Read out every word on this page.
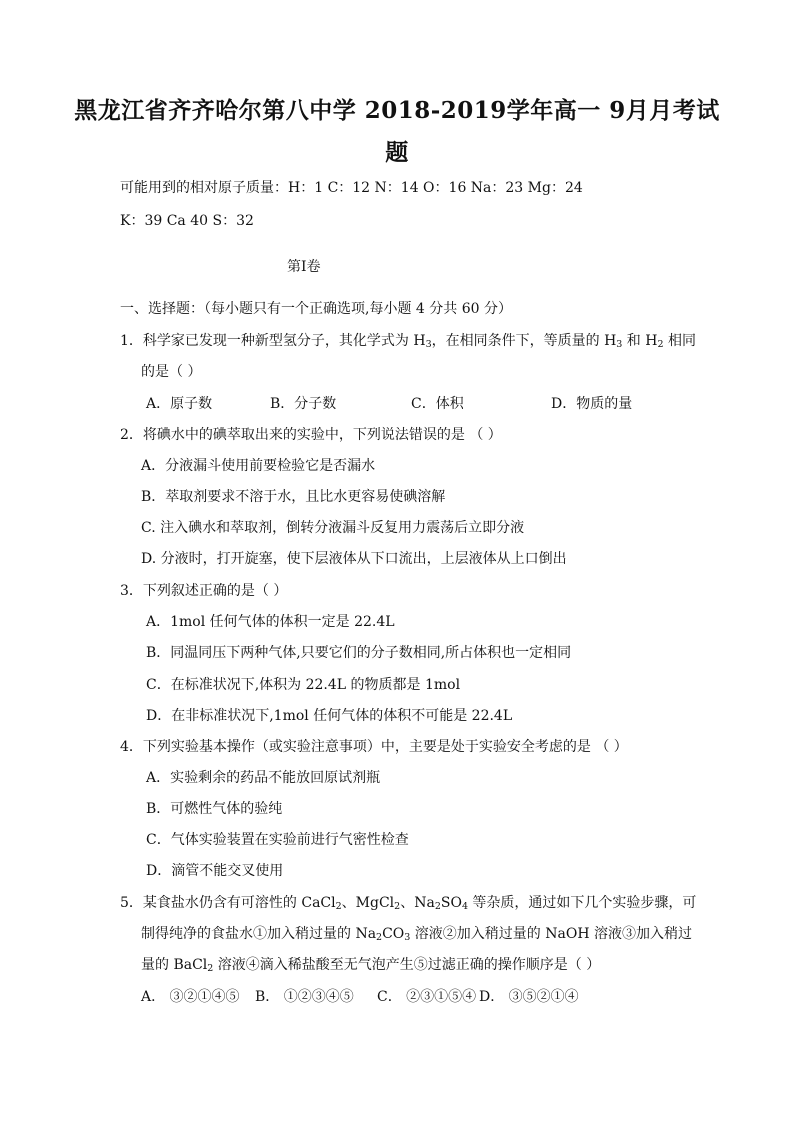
黑龙江省齐齐哈尔第八中学 2018-2019学年高一 9月月考试
题
可能用到的相对原子质量：H：1 C：12 N：14 O：16 Na：23 Mg：24
K：39 Ca 40 S：32
第Ⅰ卷
一、选择题：（每小题只有一个正确选项,每小题 4 分共 60 分）
1．科学家已发现一种新型氢分子，其化学式为 $H_3$，在相同条件下，等质量的 $H_3$ 和 $H_2$ 相同
的是（ ）
A．原子数	B．分子数	C．体积	D．物质的量
2．将碘水中的碘萃取出来的实验中，下列说法错误的是 （ ）
A．分液漏斗使用前要检验它是否漏水
B．萃取剂要求不溶于水，且比水更容易使碘溶解
C. 注入碘水和萃取剂，倒转分液漏斗反复用力震荡后立即分液
D. 分液时，打开旋塞，使下层液体从下口流出，上层液体从上口倒出
3．下列叙述正确的是（ ）
A．1mol 任何气体的体积一定是 22.4L
B．同温同压下两种气体,只要它们的分子数相同,所占体积也一定相同
C．在标准状况下,体积为 22.4L 的物质都是 1mol
D．在非标准状况下,1mol 任何气体的体积不可能是 22.4L
4．下列实验基本操作（或实验注意事项）中，主要是处于实验安全考虑的是 （ ）
A．实验剩余的药品不能放回原试剂瓶
B．可燃性气体的验纯
C．气体实验装置在实验前进行气密性检查
D．滴管不能交叉使用
5．某食盐水仍含有可溶性的 CaCl$_2$、MgCl$_2$、$Na_2SO_4$ 等杂质，通过如下几个实验步骤，可
制得纯净的食盐水①加入稍过量的 $Na_2CO_3$ 溶液②加入稍过量的 NaOH 溶液③加入稍过
量的 BaCl$_2$ 溶液④滴入稀盐酸至无气泡产生⑤过滤正确的操作顺序是（ ）
A． ③②①④⑤ B． ①②③④⑤ C． ②③①⑤④ D． ③⑤②①④
